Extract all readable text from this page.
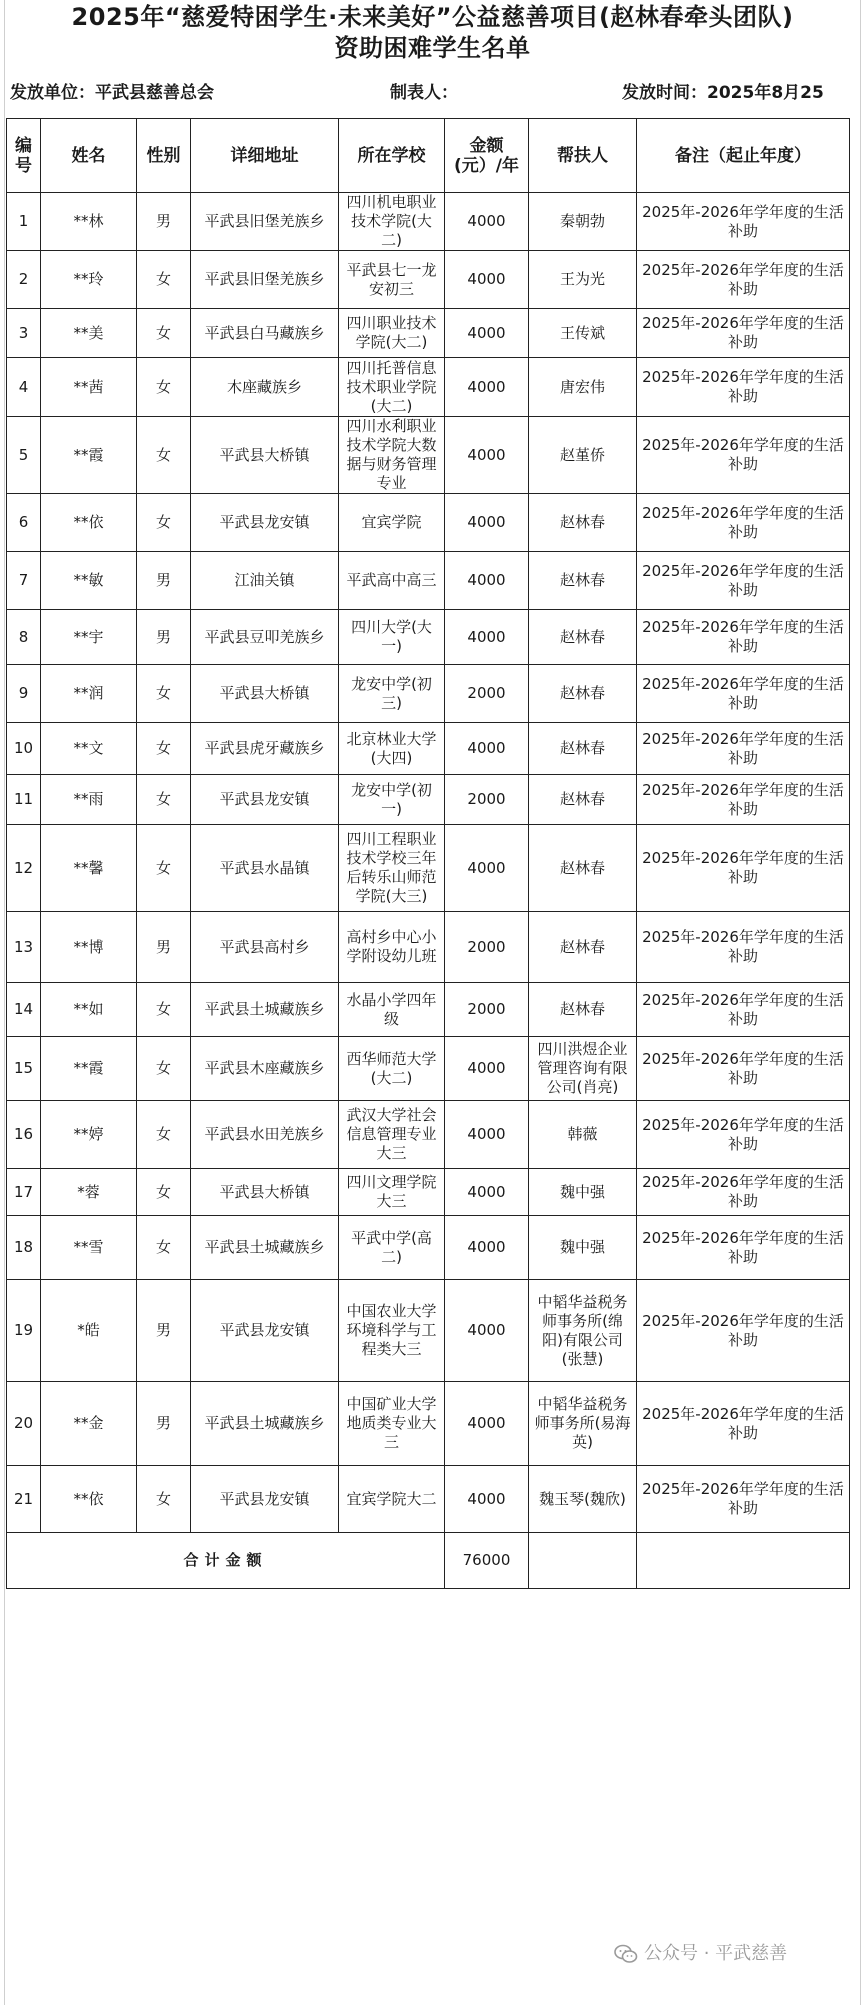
2025年“慈爱特困学生·未来美好”公益慈善项目(赵林春牵头团队)
资助困难学生名单
发放单位：平武县慈善总会	制表人：	发放时间：2025年8月25
编号	姓名	性别	详细地址	所在学校	金额(元）/年	帮扶人	备注（起止年度）
1	**林	男	平武县旧堡羌族乡	四川机电职业技术学院(大二)	4000	秦朝勃	2025年-2026年学年度的生活补助
2	**玲	女	平武县旧堡羌族乡	平武县七一龙安初三	4000	王为光	2025年-2026年学年度的生活补助
3	**美	女	平武县白马藏族乡	四川职业技术学院(大二)	4000	王传斌	2025年-2026年学年度的生活补助
4	**茜	女	木座藏族乡	四川托普信息技术职业学院(大二)	4000	唐宏伟	2025年-2026年学年度的生活补助
5	**霞	女	平武县大桥镇	四川水利职业技术学院大数据与财务管理专业	4000	赵堇侨	2025年-2026年学年度的生活补助
6	**依	女	平武县龙安镇	宜宾学院	4000	赵林春	2025年-2026年学年度的生活补助
7	**敏	男	江油关镇	平武高中高三	4000	赵林春	2025年-2026年学年度的生活补助
8	**宇	男	平武县豆叩羌族乡	四川大学(大一)	4000	赵林春	2025年-2026年学年度的生活补助
9	**润	女	平武县大桥镇	龙安中学(初三)	2000	赵林春	2025年-2026年学年度的生活补助
10	**文	女	平武县虎牙藏族乡	北京林业大学(大四)	4000	赵林春	2025年-2026年学年度的生活补助
11	**雨	女	平武县龙安镇	龙安中学(初一)	2000	赵林春	2025年-2026年学年度的生活补助
12	**馨	女	平武县水晶镇	四川工程职业技术学校三年后转乐山师范学院(大三)	4000	赵林春	2025年-2026年学年度的生活补助
13	**博	男	平武县高村乡	高村乡中心小学附设幼儿班	2000	赵林春	2025年-2026年学年度的生活补助
14	**如	女	平武县土城藏族乡	水晶小学四年级	2000	赵林春	2025年-2026年学年度的生活补助
15	**霞	女	平武县木座藏族乡	西华师范大学(大二)	4000	四川洪煜企业管理咨询有限公司(肖亮)	2025年-2026年学年度的生活补助
16	**婷	女	平武县水田羌族乡	武汉大学社会信息管理专业大三	4000	韩薇	2025年-2026年学年度的生活补助
17	*蓉	女	平武县大桥镇	四川文理学院大三	4000	魏中强	2025年-2026年学年度的生活补助
18	**雪	女	平武县土城藏族乡	平武中学(高二)	4000	魏中强	2025年-2026年学年度的生活补助
19	*皓	男	平武县龙安镇	中国农业大学环境科学与工程类大三	4000	中韬华益税务师事务所(绵阳)有限公司(张慧)	2025年-2026年学年度的生活补助
20	**金	男	平武县土城藏族乡	中国矿业大学地质类专业大三	4000	中韬华益税务师事务所(易海英)	2025年-2026年学年度的生活补助
21	**依	女	平武县龙安镇	宜宾学院大二	4000	魏玉琴(魏欣)	2025年-2026年学年度的生活补助
合计金额					76000		
公众号 · 平武慈善
